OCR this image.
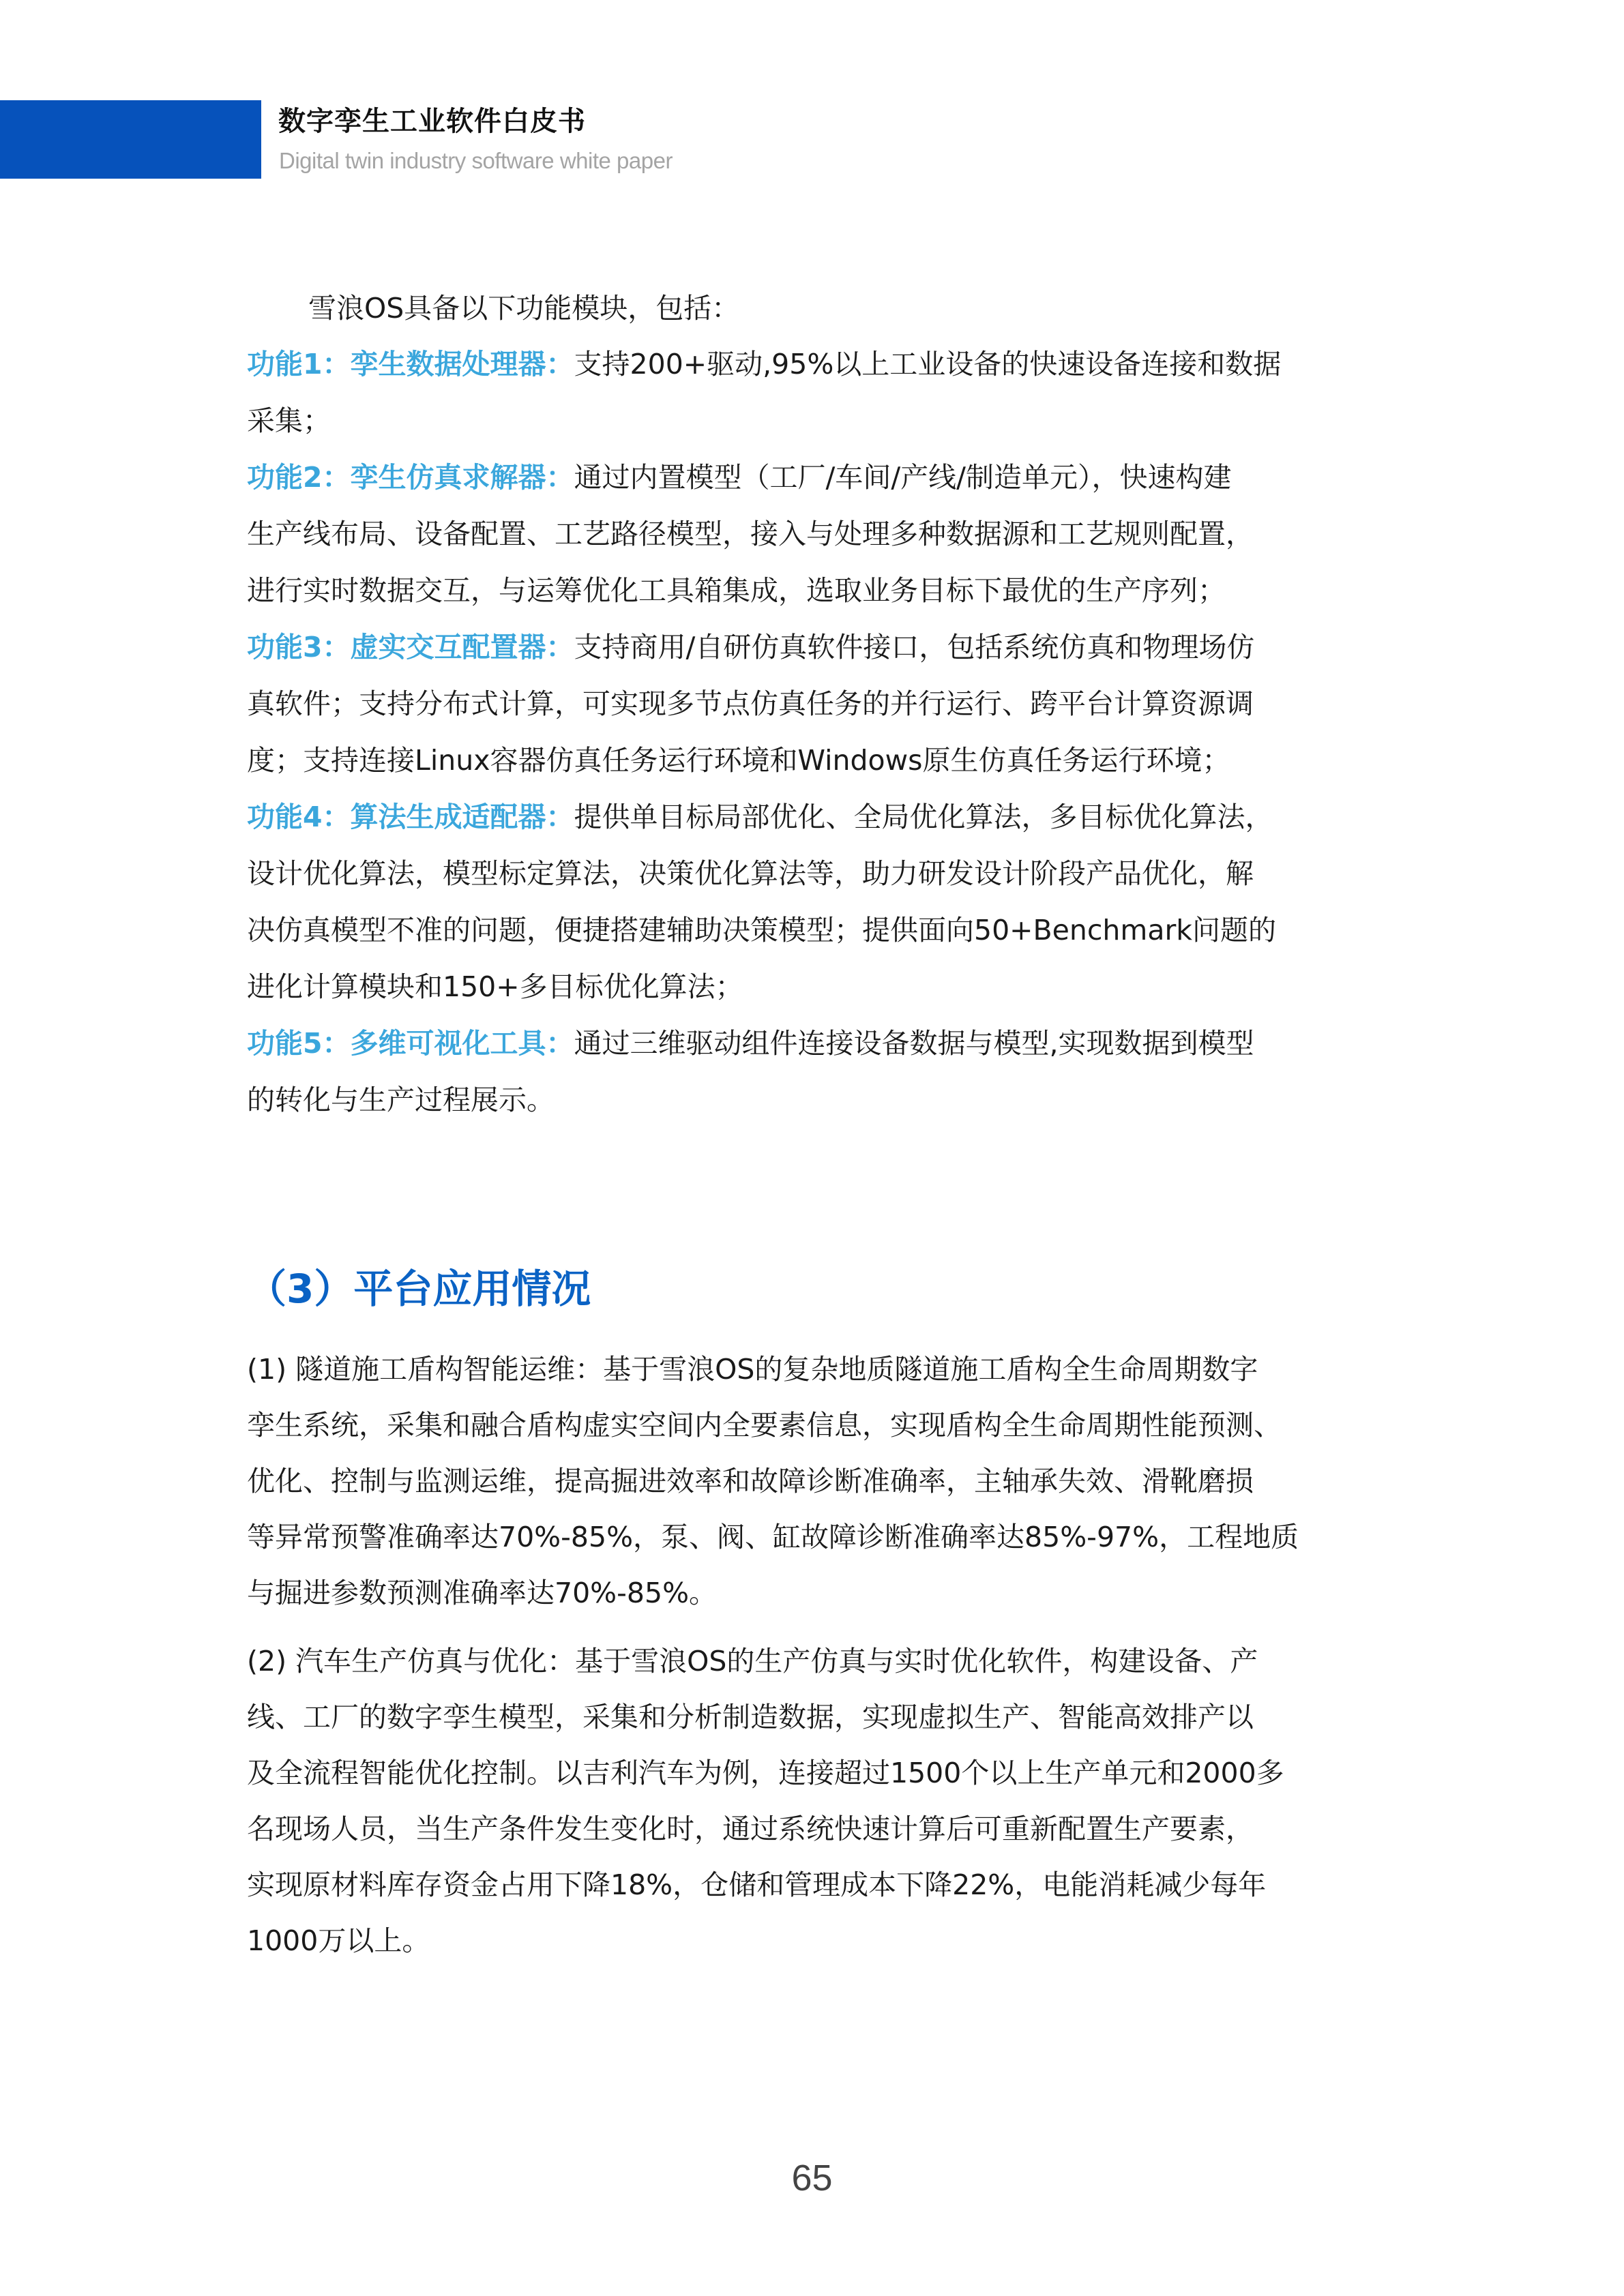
数字孪生工业软件白皮书
Digital twin industry software white paper
雪浪OS具备以下功能模块，包括：
功能1：孪生数据处理器：支持200+驱动,95%以上工业设备的快速设备连接和数据
采集；
功能2：孪生仿真求解器：通过内置模型（工厂/车间/产线/制造单元），快速构建
生产线布局、设备配置、工艺路径模型，接入与处理多种数据源和工艺规则配置，
进行实时数据交互，与运筹优化工具箱集成，选取业务目标下最优的生产序列；
功能3：虚实交互配置器：支持商用/自研仿真软件接口，包括系统仿真和物理场仿
真软件；支持分布式计算，可实现多节点仿真任务的并行运行、跨平台计算资源调
度；支持连接Linux容器仿真任务运行环境和Windows原生仿真任务运行环境；
功能4：算法生成适配器：提供单目标局部优化、全局优化算法，多目标优化算法，
设计优化算法，模型标定算法，决策优化算法等，助力研发设计阶段产品优化，解
决仿真模型不准的问题，便捷搭建辅助决策模型；提供面向50+Benchmark问题的
进化计算模块和150+多目标优化算法；
功能5：多维可视化工具：通过三维驱动组件连接设备数据与模型,实现数据到模型
的转化与生产过程展示。
（3）平台应用情况
(1) 隧道施工盾构智能运维：基于雪浪OS的复杂地质隧道施工盾构全生命周期数字
孪生系统，采集和融合盾构虚实空间内全要素信息，实现盾构全生命周期性能预测、
优化、控制与监测运维，提高掘进效率和故障诊断准确率，主轴承失效、滑靴磨损
等异常预警准确率达70%-85%，泵、阀、缸故障诊断准确率达85%-97%，工程地质
与掘进参数预测准确率达70%-85%。
(2) 汽车生产仿真与优化：基于雪浪OS的生产仿真与实时优化软件，构建设备、产
线、工厂的数字孪生模型，采集和分析制造数据，实现虚拟生产、智能高效排产以
及全流程智能优化控制。以吉利汽车为例，连接超过1500个以上生产单元和2000多
名现场人员，当生产条件发生变化时，通过系统快速计算后可重新配置生产要素，
实现原材料库存资金占用下降18%，仓储和管理成本下降22%，电能消耗减少每年
1000万以上。
65
